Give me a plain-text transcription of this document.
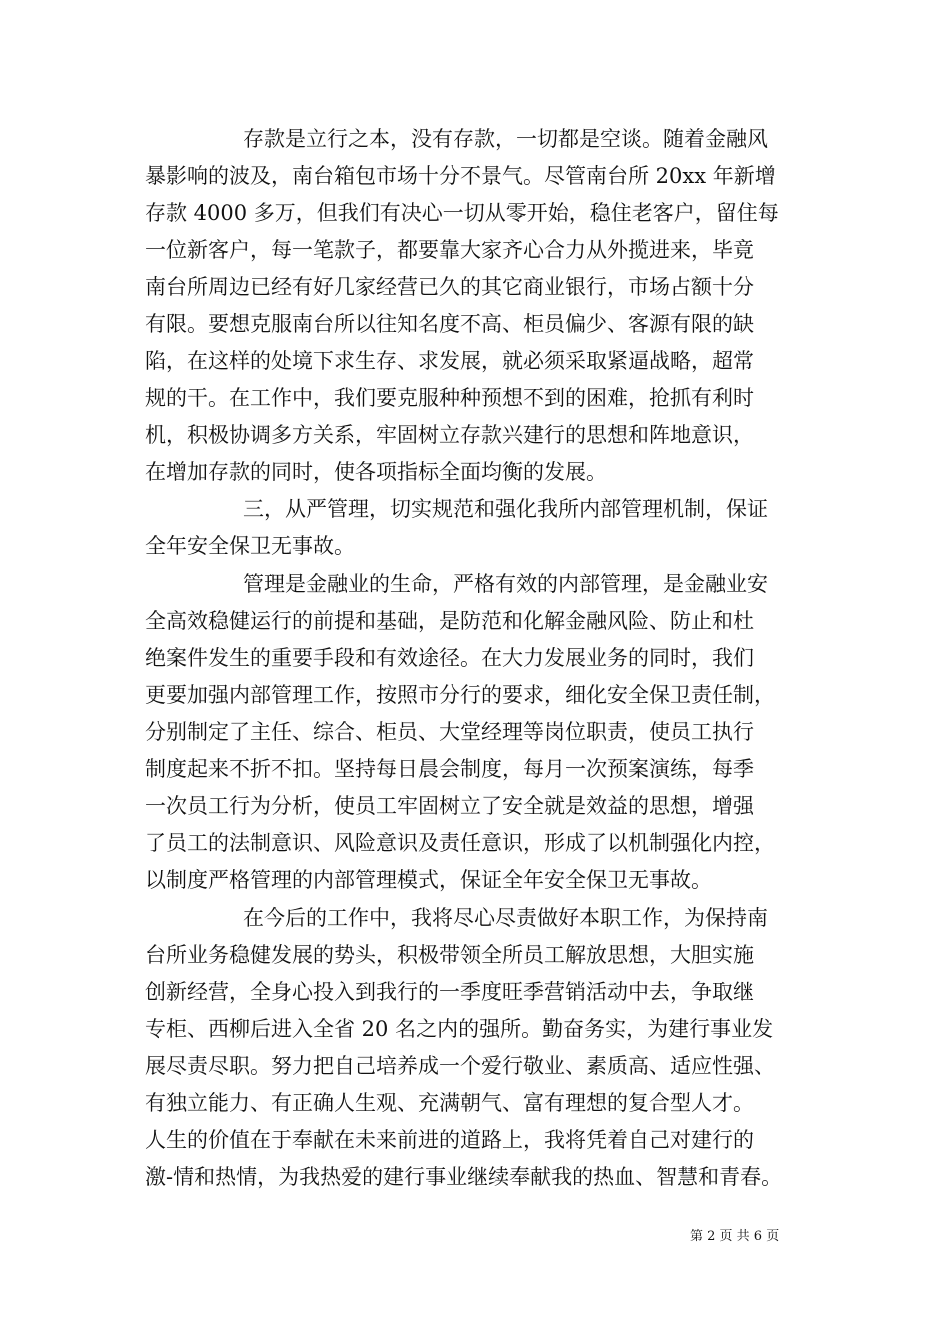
存款是立行之本，没有存款，一切都是空谈。随着金融风
暴影响的波及，南台箱包市场十分不景气。尽管南台所 20xx 年新增
存款 4000 多万，但我们有决心一切从零开始，稳住老客户，留住每
一位新客户，每一笔款子，都要靠大家齐心合力从外揽进来，毕竟
南台所周边已经有好几家经营已久的其它商业银行，市场占额十分
有限。要想克服南台所以往知名度不高、柜员偏少、客源有限的缺
陷，在这样的处境下求生存、求发展，就必须采取紧逼战略，超常
规的干。在工作中，我们要克服种种预想不到的困难，抢抓有利时
机，积极协调多方关系，牢固树立存款兴建行的思想和阵地意识，
在增加存款的同时，使各项指标全面均衡的发展。
三，从严管理，切实规范和强化我所内部管理机制，保证
全年安全保卫无事故。
管理是金融业的生命，严格有效的内部管理，是金融业安
全高效稳健运行的前提和基础，是防范和化解金融风险、防止和杜
绝案件发生的重要手段和有效途径。在大力发展业务的同时，我们
更要加强内部管理工作，按照市分行的要求，细化安全保卫责任制，
分别制定了主任、综合、柜员、大堂经理等岗位职责，使员工执行
制度起来不折不扣。坚持每日晨会制度，每月一次预案演练，每季
一次员工行为分析，使员工牢固树立了安全就是效益的思想，增强
了员工的法制意识、风险意识及责任意识，形成了以机制强化内控，
以制度严格管理的内部管理模式，保证全年安全保卫无事故。
在今后的工作中，我将尽心尽责做好本职工作，为保持南
台所业务稳健发展的势头，积极带领全所员工解放思想，大胆实施
创新经营，全身心投入到我行的一季度旺季营销活动中去，争取继
专柜、西柳后进入全省 20 名之内的强所。勤奋务实，为建行事业发
展尽责尽职。努力把自己培养成一个爱行敬业、素质高、适应性强、
有独立能力、有正确人生观、充满朝气、富有理想的复合型人才。
人生的价值在于奉献在未来前进的道路上，我将凭着自己对建行的
激-情和热情，为我热爱的建行事业继续奉献我的热血、智慧和青春。
第 2 页 共 6 页
